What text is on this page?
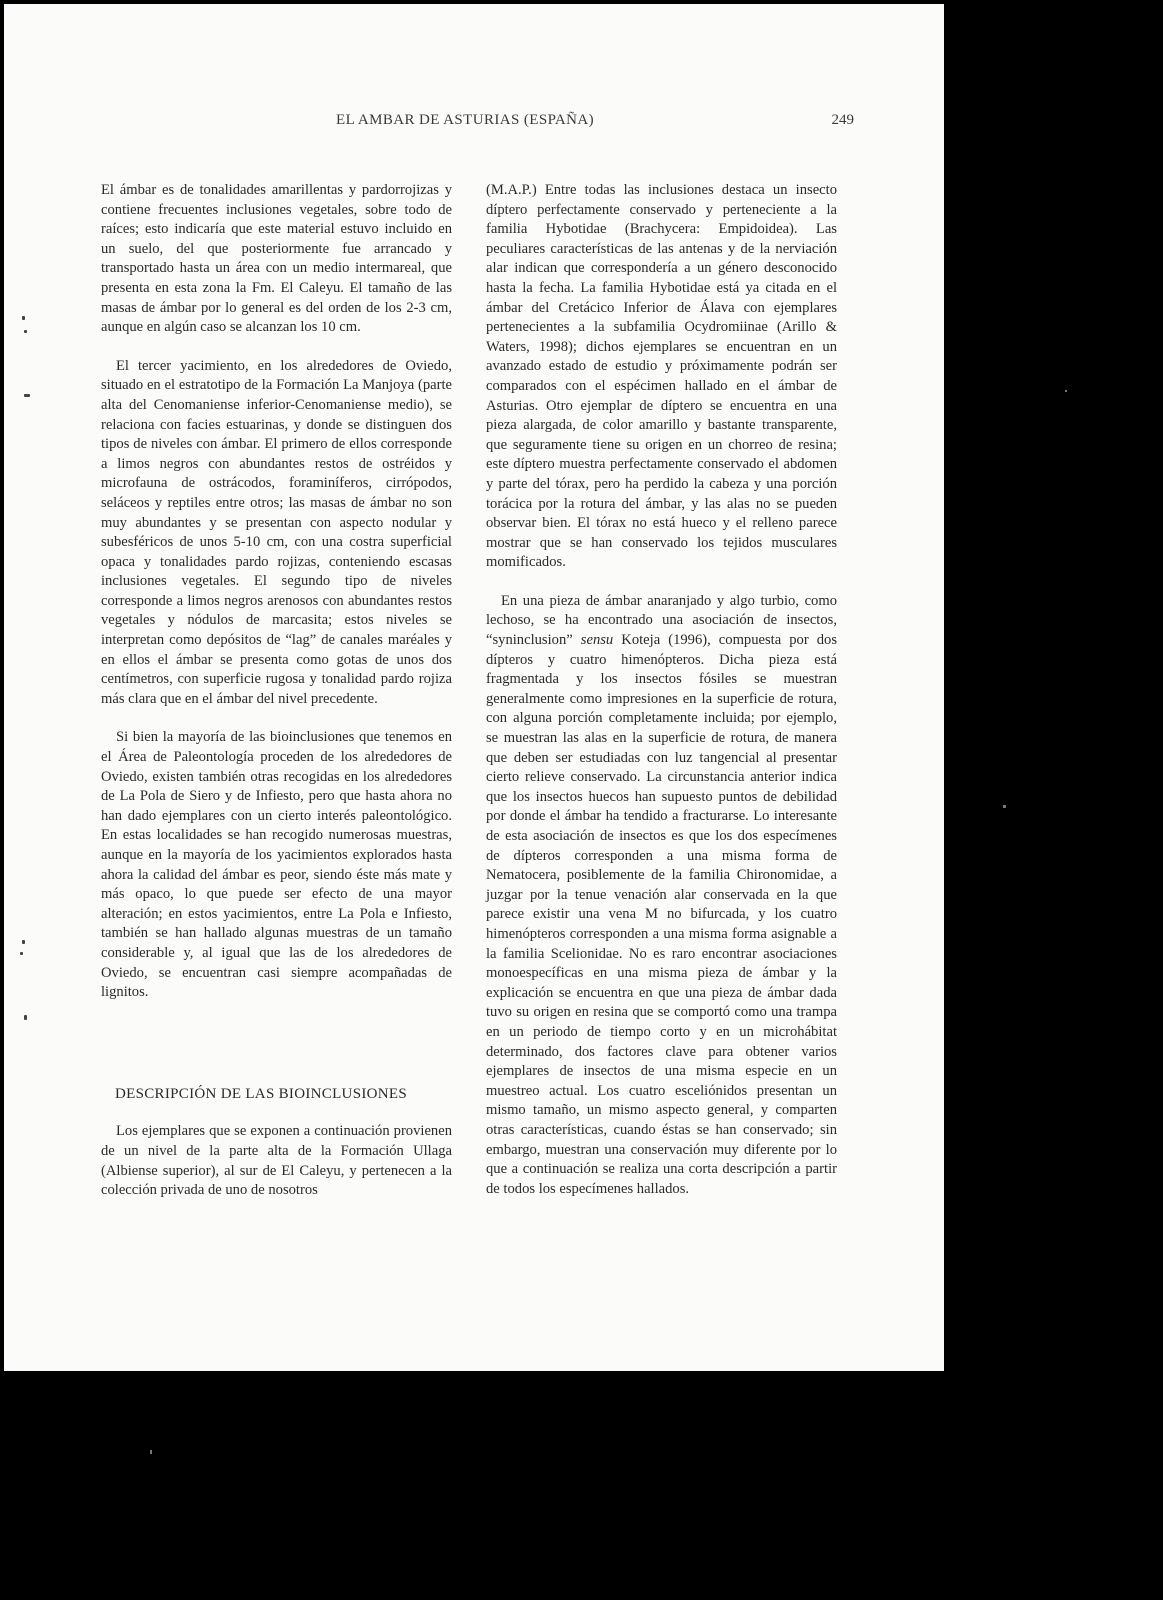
EL AMBAR DE ASTURIAS (ESPAÑA)	249

El ámbar es de tonalidades amarillentas y pardorrojizas y contiene frecuentes inclusiones vegetales, sobre todo de raíces; esto indicaría que este material estuvo incluido en un suelo, del que posteriormente fue arrancado y transportado hasta un área con un medio intermareal, que presenta en esta zona la Fm. El Caleyu. El tamaño de las masas de ámbar por lo general es del orden de los 2-3 cm, aunque en algún caso se alcanzan los 10 cm.

El tercer yacimiento, en los alrededores de Oviedo, situado en el estratotipo de la Formación La Manjoya (parte alta del Cenomaniense inferior-Cenomaniense medio), se relaciona con facies estuarinas, y donde se distinguen dos tipos de niveles con ámbar. El primero de ellos corresponde a limos negros con abundantes restos de ostréidos y microfauna de ostrácodos, foraminíferos, cirrópodos, seláceos y reptiles entre otros; las masas de ámbar no son muy abundantes y se presentan con aspecto nodular y subesféricos de unos 5-10 cm, con una costra superficial opaca y tonalidades pardo rojizas, conteniendo escasas inclusiones vegetales. El segundo tipo de niveles corresponde a limos negros arenosos con abundantes restos vegetales y nódulos de marcasita; estos niveles se interpretan como depósitos de “lag” de canales maréales y en ellos el ámbar se presenta como gotas de unos dos centímetros, con superficie rugosa y tonalidad pardo rojiza más clara que en el ámbar del nivel precedente.

Si bien la mayoría de las bioinclusiones que tenemos en el Área de Paleontología proceden de los alrededores de Oviedo, existen también otras recogidas en los alrededores de La Pola de Siero y de Infiesto, pero que hasta ahora no han dado ejemplares con un cierto interés paleontológico. En estas localidades se han recogido numerosas muestras, aunque en la mayoría de los yacimientos explorados hasta ahora la calidad del ámbar es peor, siendo éste más mate y más opaco, lo que puede ser efecto de una mayor alteración; en estos yacimientos, entre La Pola e Infiesto, también se han hallado algunas muestras de un tamaño considerable y, al igual que las de los alrededores de Oviedo, se encuentran casi siempre acompañadas de lignitos.

DESCRIPCIÓN DE LAS BIOINCLUSIONES

Los ejemplares que se exponen a continuación provienen de un nivel de la parte alta de la Formación Ullaga (Albiense superior), al sur de El Caleyu, y pertenecen a la colección privada de uno de nosotros

(M.A.P.) Entre todas las inclusiones destaca un insecto díptero perfectamente conservado y perteneciente a la familia Hybotidae (Brachycera: Empidoidea). Las peculiares características de las antenas y de la nerviación alar indican que correspondería a un género desconocido hasta la fecha. La familia Hybotidae está ya citada en el ámbar del Cretácico Inferior de Álava con ejemplares pertenecientes a la subfamilia Ocydromiinae (Arillo & Waters, 1998); dichos ejemplares se encuentran en un avanzado estado de estudio y próximamente podrán ser comparados con el espécimen hallado en el ámbar de Asturias. Otro ejemplar de díptero se encuentra en una pieza alargada, de color amarillo y bastante transparente, que seguramente tiene su origen en un chorreo de resina; este díptero muestra perfectamente conservado el abdomen y parte del tórax, pero ha perdido la cabeza y una porción torácica por la rotura del ámbar, y las alas no se pueden observar bien. El tórax no está hueco y el relleno parece mostrar que se han conservado los tejidos musculares momificados.

En una pieza de ámbar anaranjado y algo turbio, como lechoso, se ha encontrado una asociación de insectos, “syninclusion” sensu Koteja (1996), compuesta por dos dípteros y cuatro himenópteros. Dicha pieza está fragmentada y los insectos fósiles se muestran generalmente como impresiones en la superficie de rotura, con alguna porción completamente incluida; por ejemplo, se muestran las alas en la superficie de rotura, de manera que deben ser estudiadas con luz tangencial al presentar cierto relieve conservado. La circunstancia anterior indica que los insectos huecos han supuesto puntos de debilidad por donde el ámbar ha tendido a fracturarse. Lo interesante de esta asociación de insectos es que los dos especímenes de dípteros corresponden a una misma forma de Nematocera, posiblemente de la familia Chironomidae, a juzgar por la tenue venación alar conservada en la que parece existir una vena M no bifurcada, y los cuatro himenópteros corresponden a una misma forma asignable a la familia Scelionidae. No es raro encontrar asociaciones monoespecíficas en una misma pieza de ámbar y la explicación se encuentra en que una pieza de ámbar dada tuvo su origen en resina que se comportó como una trampa en un periodo de tiempo corto y en un microhábitat determinado, dos factores clave para obtener varios ejemplares de insectos de una misma especie en un muestreo actual. Los cuatro esceliónidos presentan un mismo tamaño, un mismo aspecto general, y comparten otras características, cuando éstas se han conservado; sin embargo, muestran una conservación muy diferente por lo que a continuación se realiza una corta descripción a partir de todos los especímenes hallados.
